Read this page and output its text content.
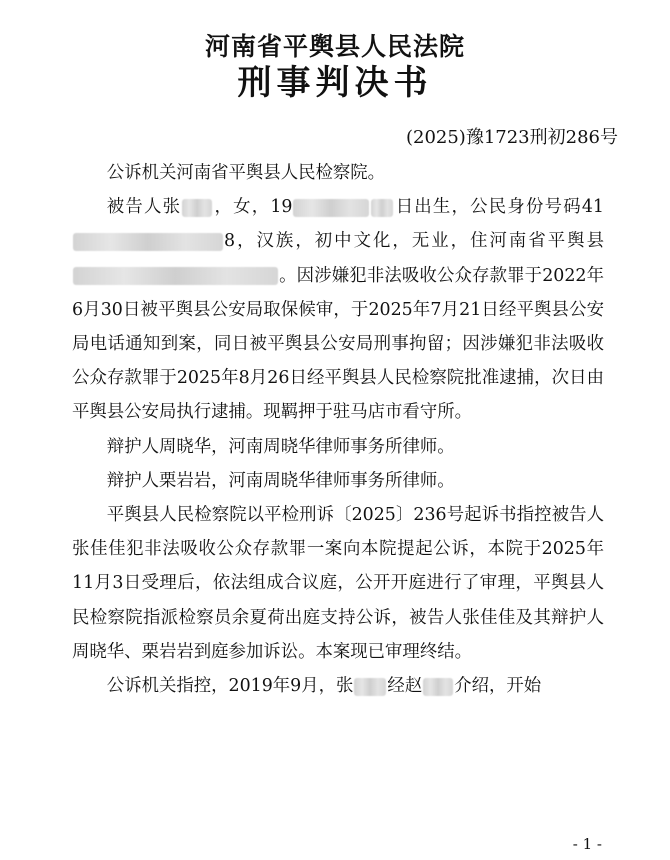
河南省平舆县人民法院
刑事判决书
(2025)豫1723刑初286号

公诉机关河南省平舆县人民检察院。

被告人张 ，女，19	日出生，公民身份号码418，汉族，初中文化，无业，住河南省平舆县。因涉嫌犯非法吸收公众存款罪于2022年6月30日被平舆县公安局取保候审，于2025年7月21日经平舆县公安局电话通知到案，同日被平舆县公安局刑事拘留；因涉嫌犯非法吸收公众存款罪于2025年8月26日经平舆县人民检察院批准逮捕，次日由平舆县公安局执行逮捕。现羁押于驻马店市看守所。

辩护人周晓华，河南周晓华律师事务所律师。

辩护人栗岩岩，河南周晓华律师事务所律师。

平舆县人民检察院以平检刑诉〔2025〕236号起诉书指控被告人张佳佳犯非法吸收公众存款罪一案向本院提起公诉，本院于2025年11月3日受理后，依法组成合议庭，公开开庭进行了审理，平舆县人民检察院指派检察员余夏荷出庭支持公诉，被告人张佳佳及其辩护人周晓华、栗岩岩到庭参加诉讼。本案现已审理终结。

公诉机关指控，2019年9月，张 经赵 介绍，开始

- 1 -
